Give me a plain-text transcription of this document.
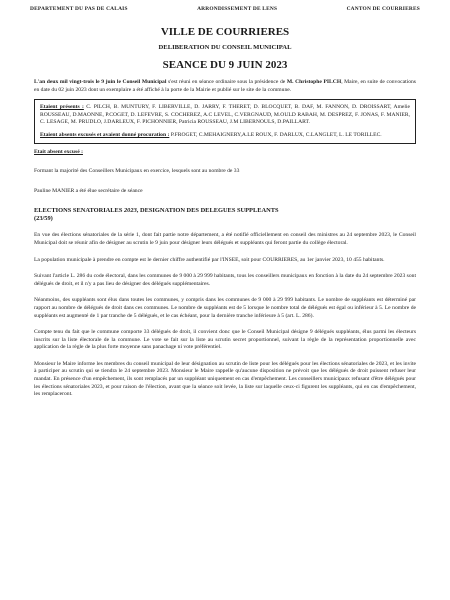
DEPARTEMENT DU PAS DE CALAIS	ARRONDISSEMENT DE LENS	CANTON DE COURRIERES
VILLE DE COURRIERES
DELIBERATION DU CONSEIL MUNICIPAL
SEANCE DU 9 JUIN 2023

L'an deux mil vingt-trois le 9 juin le Conseil Municipal s'est réuni en séance ordinaire sous la présidence de M. Christophe PILCH, Maire, en suite de convocations en date du 02 juin 2023 dont un exemplaire a été affiché à la porte de la Mairie et publié sur le site de la commune.

Etaient présents : C. PILCH, B. MUNTURY, F. LIBERVILLE, D. JARRY, F. THERET, D. BLOCQUET, B. DAF, M. FANNON, D. DROISSART, Amelie ROUSSEAU, D.MAONNE, P.COGET, D. LEFEVRE, S. COCHEREZ, A.C LEVEL, C.VERGNAUD, M.OULD RABAH, M. DESPREZ, F. JONAS, F. MANIER, C. LESAGE, M. PRUDLO, J.DARLEUX, F. PICHONNIER, Patricia ROUSSEAU, J.M LIBERNOULS, D.PAILLART.

Etaient absents excusés et avaient donné procuration : P.FROGET, C.MEHAIGNERY,A.LE ROUX, F. DARLUX, C.LANGLET, L. LE TORILLEC.

Etait absent excusé :

Formant la majorité des Conseillers Municipaux en exercice, lesquels sont au nombre de 33

Pauline MANIER a été élue secrétaire de séance

ELECTIONS SENATORIALES 2023, DESIGNATION DES DELEGUES SUPPLEANTS
(23/59)

En vue des élections sénatoriales de la série 1, dont fait partie notre département, a été notifié officiellement en conseil des ministres au 24 septembre 2023, le Conseil Municipal doit se réunir afin de désigner au scrutin le 9 juin pour désigner leurs délégués et suppléants qui feront partie du collège électoral.

La population municipale à prendre en compte est le dernier chiffre authentifié par l'INSEE, soit pour COURRIERES, au 1er janvier 2023, 10 455 habitants.

Suivant l'article L. 286 du code électoral, dans les communes de 9 000 à 29 999 habitants, tous les conseillers municipaux en fonction à la date du 24 septembre 2023 sont délégués de droit, et il n'y a pas lieu de désigner des délégués supplémentaires.

Néanmoins, des suppléants sont élus dans toutes les communes, y compris dans les communes de 9 000 à 29 999 habitants. Le nombre de suppléants est déterminé par rapport au nombre de délégués de droit dans ces communes. Le nombre de suppléants est de 5 lorsque le nombre total de délégués est égal ou inférieur à 5. Le nombre de suppléants est augmenté de 1 par tranche de 5 délégués, et le cas échéant, pour la dernière tranche inférieure à 5 (art. L. 286).

Compte tenu du fait que le commune comporte 33 délégués de droit, il convient donc que le Conseil Municipal désigne 9 délégués suppléants, élus parmi les électeurs inscrits sur la liste électorale de la commune. Le vote se fait sur la liste au scrutin secret proportionnel, suivant la règle de la représentation proportionnelle avec application de la règle de la plus forte moyenne sans panachage ni vote préférentiel.

Monsieur le Maire informe les membres du conseil municipal de leur désignation au scrutin de liste pour les délégués pour les élections sénatoriales de 2023, et les invite à participer au scrutin qui se tiendra le 24 septembre 2023. Monsieur le Maire rappelle qu'aucune disposition ne prévoit que les délégués de droit puissent refuser leur mandat. En présence d'un empêchement, ils sont remplacés par un suppléant uniquement en cas d'empêchement. Les conseillers municipaux refusant d'être délégués pour les élections sénatoriales 2023, et pour raison de l'élection, avant que la séance soit levée, la liste sur laquelle ceux-ci figurent les suppléants, qui en cas d'empêchement, les remplaceront.
